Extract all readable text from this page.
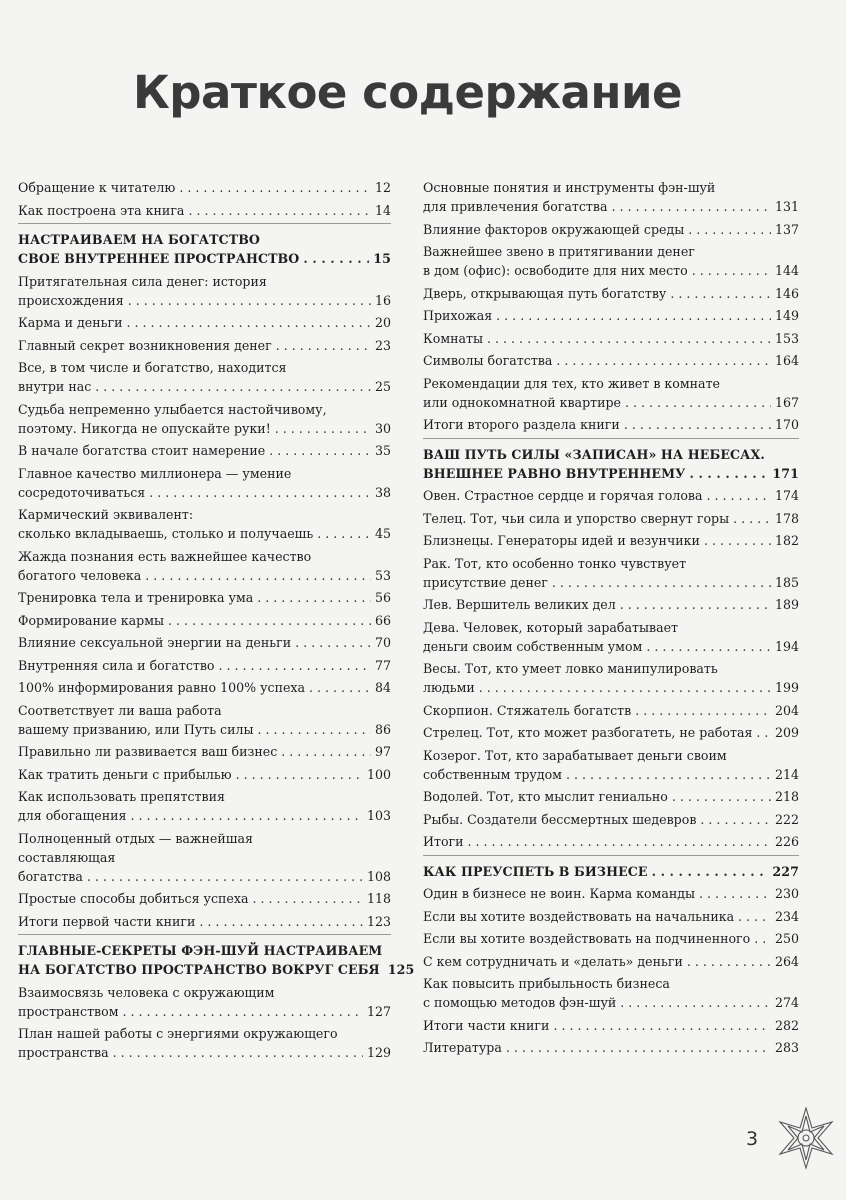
Краткое содержание
Обращение к читателю . . .	12
Как построена эта книга . . .	14
НАСТРАИВАЕМ НА БОГАТСТВО
СВОЕ ВНУТРЕННЕЕ ПРОСТРАНСТВО . . .	15
Притягательная сила денег: история
происхождения . . .	16
Карма и деньги . . .	20
Главный секрет возникновения денег . . .	23
Все, в том числе и богатство, находится
внутри нас . . .	25
Судьба непременно улыбается настойчивому,
поэтому. Никогда не опускайте руки! . . .	30
В начале богатства стоит намерение . . .	35
Главное качество миллионера — умение
сосредоточиваться . . .	38
Кармический эквивалент:
сколько вкладываешь, столько и получаешь . . .	45
Жажда познания есть важнейшее качество
богатого человека . . .	53
Тренировка тела и тренировка ума . . .	56
Формирование кармы . . .	66
Влияние сексуальной энергии на деньги . . .	70
Внутренняя сила и богатство . . .	77
100% информирования равно 100% успеха . . .	84
Соответствует ли ваша работа
вашему призванию, или Путь силы . . .	86
Правильно ли развивается ваш бизнес . . .	97
Как тратить деньги с прибылью . . .	100
Как использовать препятствия
для обогащения . . .	103
Полноценный отдых — важнейшая
составляющая
богатства . . .	108
Простые способы добиться успеха . . .	118
Итоги первой части книги . . .	123
ГЛАВНЫЕ-СЕКРЕТЫ ФЭН-ШУЙ НАСТРАИВАЕМ
НА БОГАТСТВО ПРОСТРАНСТВО ВОКРУГ СЕБЯ 125
Взаимосвязь человека с окружающим
пространством . . .	127
План нашей работы с энергиями окружающего
пространства . . .	129
Основные понятия и инструменты фэн-шуй
для привлечения богатства . . .	131
Влияние факторов окружающей среды . . .	137
Важнейшее звено в притягивании денег
в дом (офис): освободите для них место . . .	144
Дверь, открывающая путь богатству . . .	146
Прихожая . . .	149
Комнаты . . .	153
Символы богатства . . .	164
Рекомендации для тех, кто живет в комнате
или однокомнатной квартире . . .	167
Итоги второго раздела книги . . .	170
ВАШ ПУТЬ СИЛЫ «ЗАПИСАН» НА НЕБЕСАХ.
ВНЕШНЕЕ РАВНО ВНУТРЕННЕМУ . . .	171
Овен. Страстное сердце и горячая голова . . .	174
Телец. Тот, чьи сила и упорство свернут горы . . .	178
Близнецы. Генераторы идей и везунчики . . .	182
Рак. Тот, кто особенно тонко чувствует
присутствие денег . . .	185
Лев. Вершитель великих дел . . .	189
Дева. Человек, который зарабатывает
деньги своим собственным умом . . .	194
Весы. Тот, кто умеет ловко манипулировать
людьми . . .	199
Скорпион. Стяжатель богатств . . .	204
Стрелец. Тот, кто может разбогатеть, не работая . . . 209
Козерог. Тот, кто зарабатывает деньги своим
собственным трудом . . .	214
Водолей. Тот, кто мыслит гениально . . .	218
Рыбы. Создатели бессмертных шедевров . . .	222
Итоги . . .	226
КАК ПРЕУСПЕТЬ В БИЗНЕСЕ . . .	227
Один в бизнесе не воин. Карма команды . . .	230
Если вы хотите воздействовать на начальника . . .	234
Если вы хотите воздействовать на подчиненного . . . 250
С кем сотрудничать и «делать» деньги . . .	264
Как повысить прибыльность бизнеса
с помощью методов фэн-шуй . . .	274
Итоги части книги . . .	282
Литература . . .	283
3
